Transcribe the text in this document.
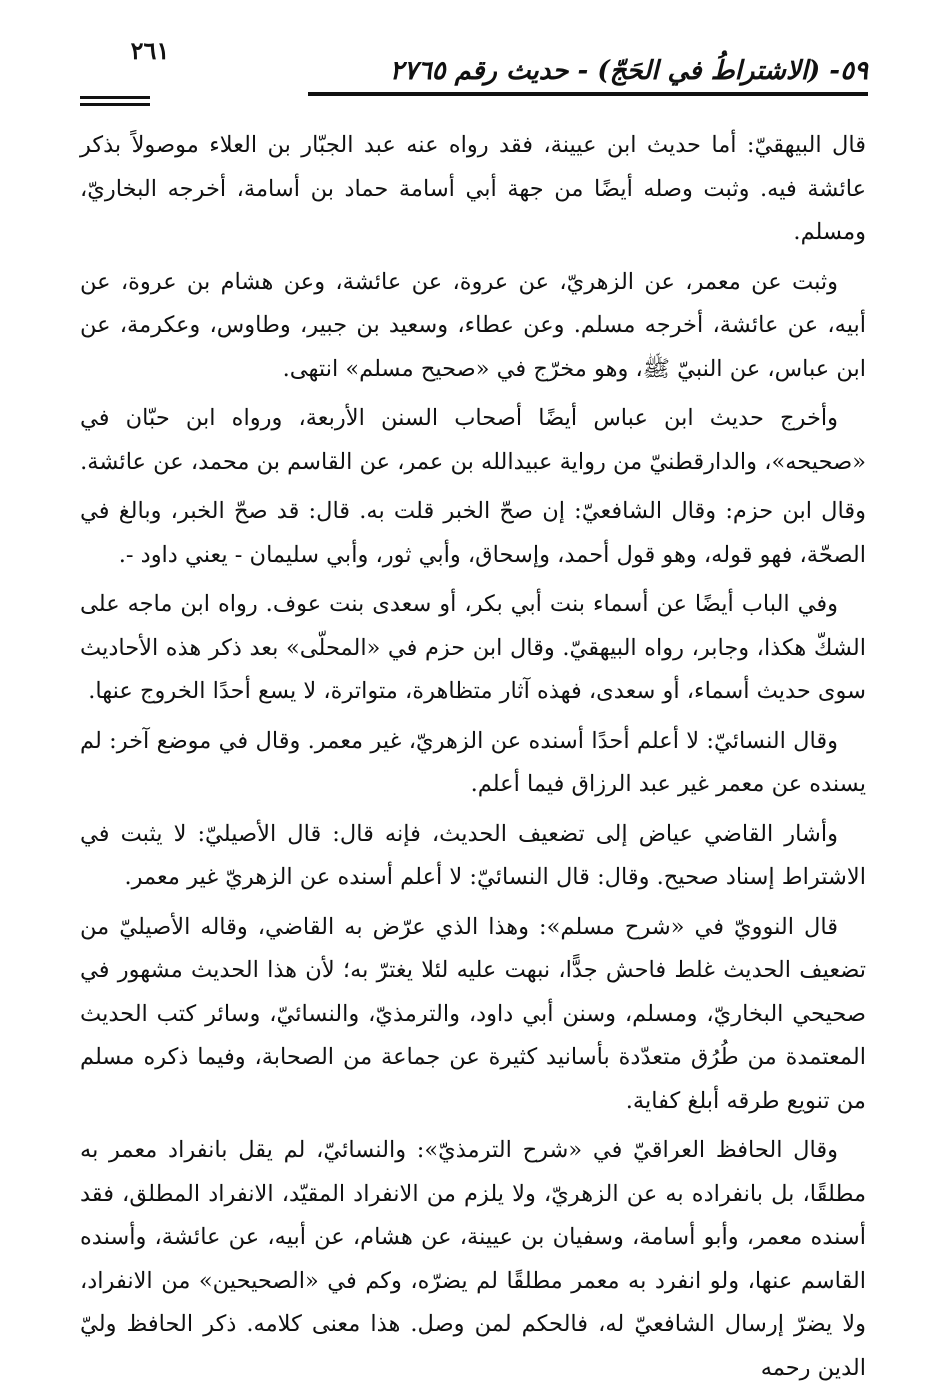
٥٩- (الاشتراطُ في الحَجّ) - حديث رقم ٢٧٦٥
٢٦١

قال البيهقيّ: أما حديث ابن عيينة، فقد رواه عنه عبد الجبّار بن العلاء موصولاً بذكر عائشة فيه. وثبت وصله أيضًا من جهة أبي أسامة حماد بن أسامة، أخرجه البخاريّ، ومسلم.

وثبت عن معمر، عن الزهريّ، عن عروة، عن عائشة، وعن هشام بن عروة، عن أبيه، عن عائشة، أخرجه مسلم. وعن عطاء، وسعيد بن جبير، وطاوس، وعكرمة، عن ابن عباس، عن النبيّ ﷺ، وهو مخرّج في «صحيح مسلم» انتهى.

وأخرج حديث ابن عباس أيضًا أصحاب السنن الأربعة، ورواه ابن حبّان في «صحيحه»، والدارقطنيّ من رواية عبيدالله بن عمر، عن القاسم بن محمد، عن عائشة.

وقال ابن حزم: وقال الشافعيّ: إن صحّ الخبر قلت به. قال: قد صحّ الخبر، وبالغ في الصحّة، فهو قوله، وهو قول أحمد، وإسحاق، وأبي ثور، وأبي سليمان - يعني داود -.

وفي الباب أيضًا عن أسماء بنت أبي بكر، أو سعدى بنت عوف. رواه ابن ماجه على الشكّ هكذا، وجابر، رواه البيهقيّ. وقال ابن حزم في «المحلّى» بعد ذكر هذه الأحاديث سوى حديث أسماء، أو سعدى، فهذه آثار متظاهرة، متواترة، لا يسع أحدًا الخروج عنها.

وقال النسائيّ: لا أعلم أحدًا أسنده عن الزهريّ، غير معمر. وقال في موضع آخر: لم يسنده عن معمر غير عبد الرزاق فيما أعلم.

وأشار القاضي عياض إلى تضعيف الحديث، فإنه قال: قال الأصيليّ: لا يثبت في الاشتراط إسناد صحيح. وقال: قال النسائيّ: لا أعلم أسنده عن الزهريّ غير معمر.

قال النوويّ في «شرح مسلم»: وهذا الذي عرّض به القاضي، وقاله الأصيليّ من تضعيف الحديث غلط فاحش جدًّا، نبهت عليه لئلا يغترّ به؛ لأن هذا الحديث مشهور في صحيحي البخاريّ، ومسلم، وسنن أبي داود، والترمذيّ، والنسائيّ، وسائر كتب الحديث المعتمدة من طُرُق متعدّدة بأسانيد كثيرة عن جماعة من الصحابة، وفيما ذكره مسلم من تنويع طرقه أبلغ كفاية.

وقال الحافظ العراقيّ في «شرح الترمذيّ»: والنسائيّ، لم يقل بانفراد معمر به مطلقًا، بل بانفراده به عن الزهريّ، ولا يلزم من الانفراد المقيّد، الانفراد المطلق، فقد أسنده معمر، وأبو أسامة، وسفيان بن عيينة، عن هشام، عن أبيه، عن عائشة، وأسنده القاسم عنها، ولو انفرد به معمر مطلقًا لم يضرّه، وكم في «الصحيحين» من الانفراد، ولا يضرّ إرسال الشافعيّ له، فالحكم لمن وصل. هذا معنى كلامه. ذكر الحافظ وليّ الدين رحمه
